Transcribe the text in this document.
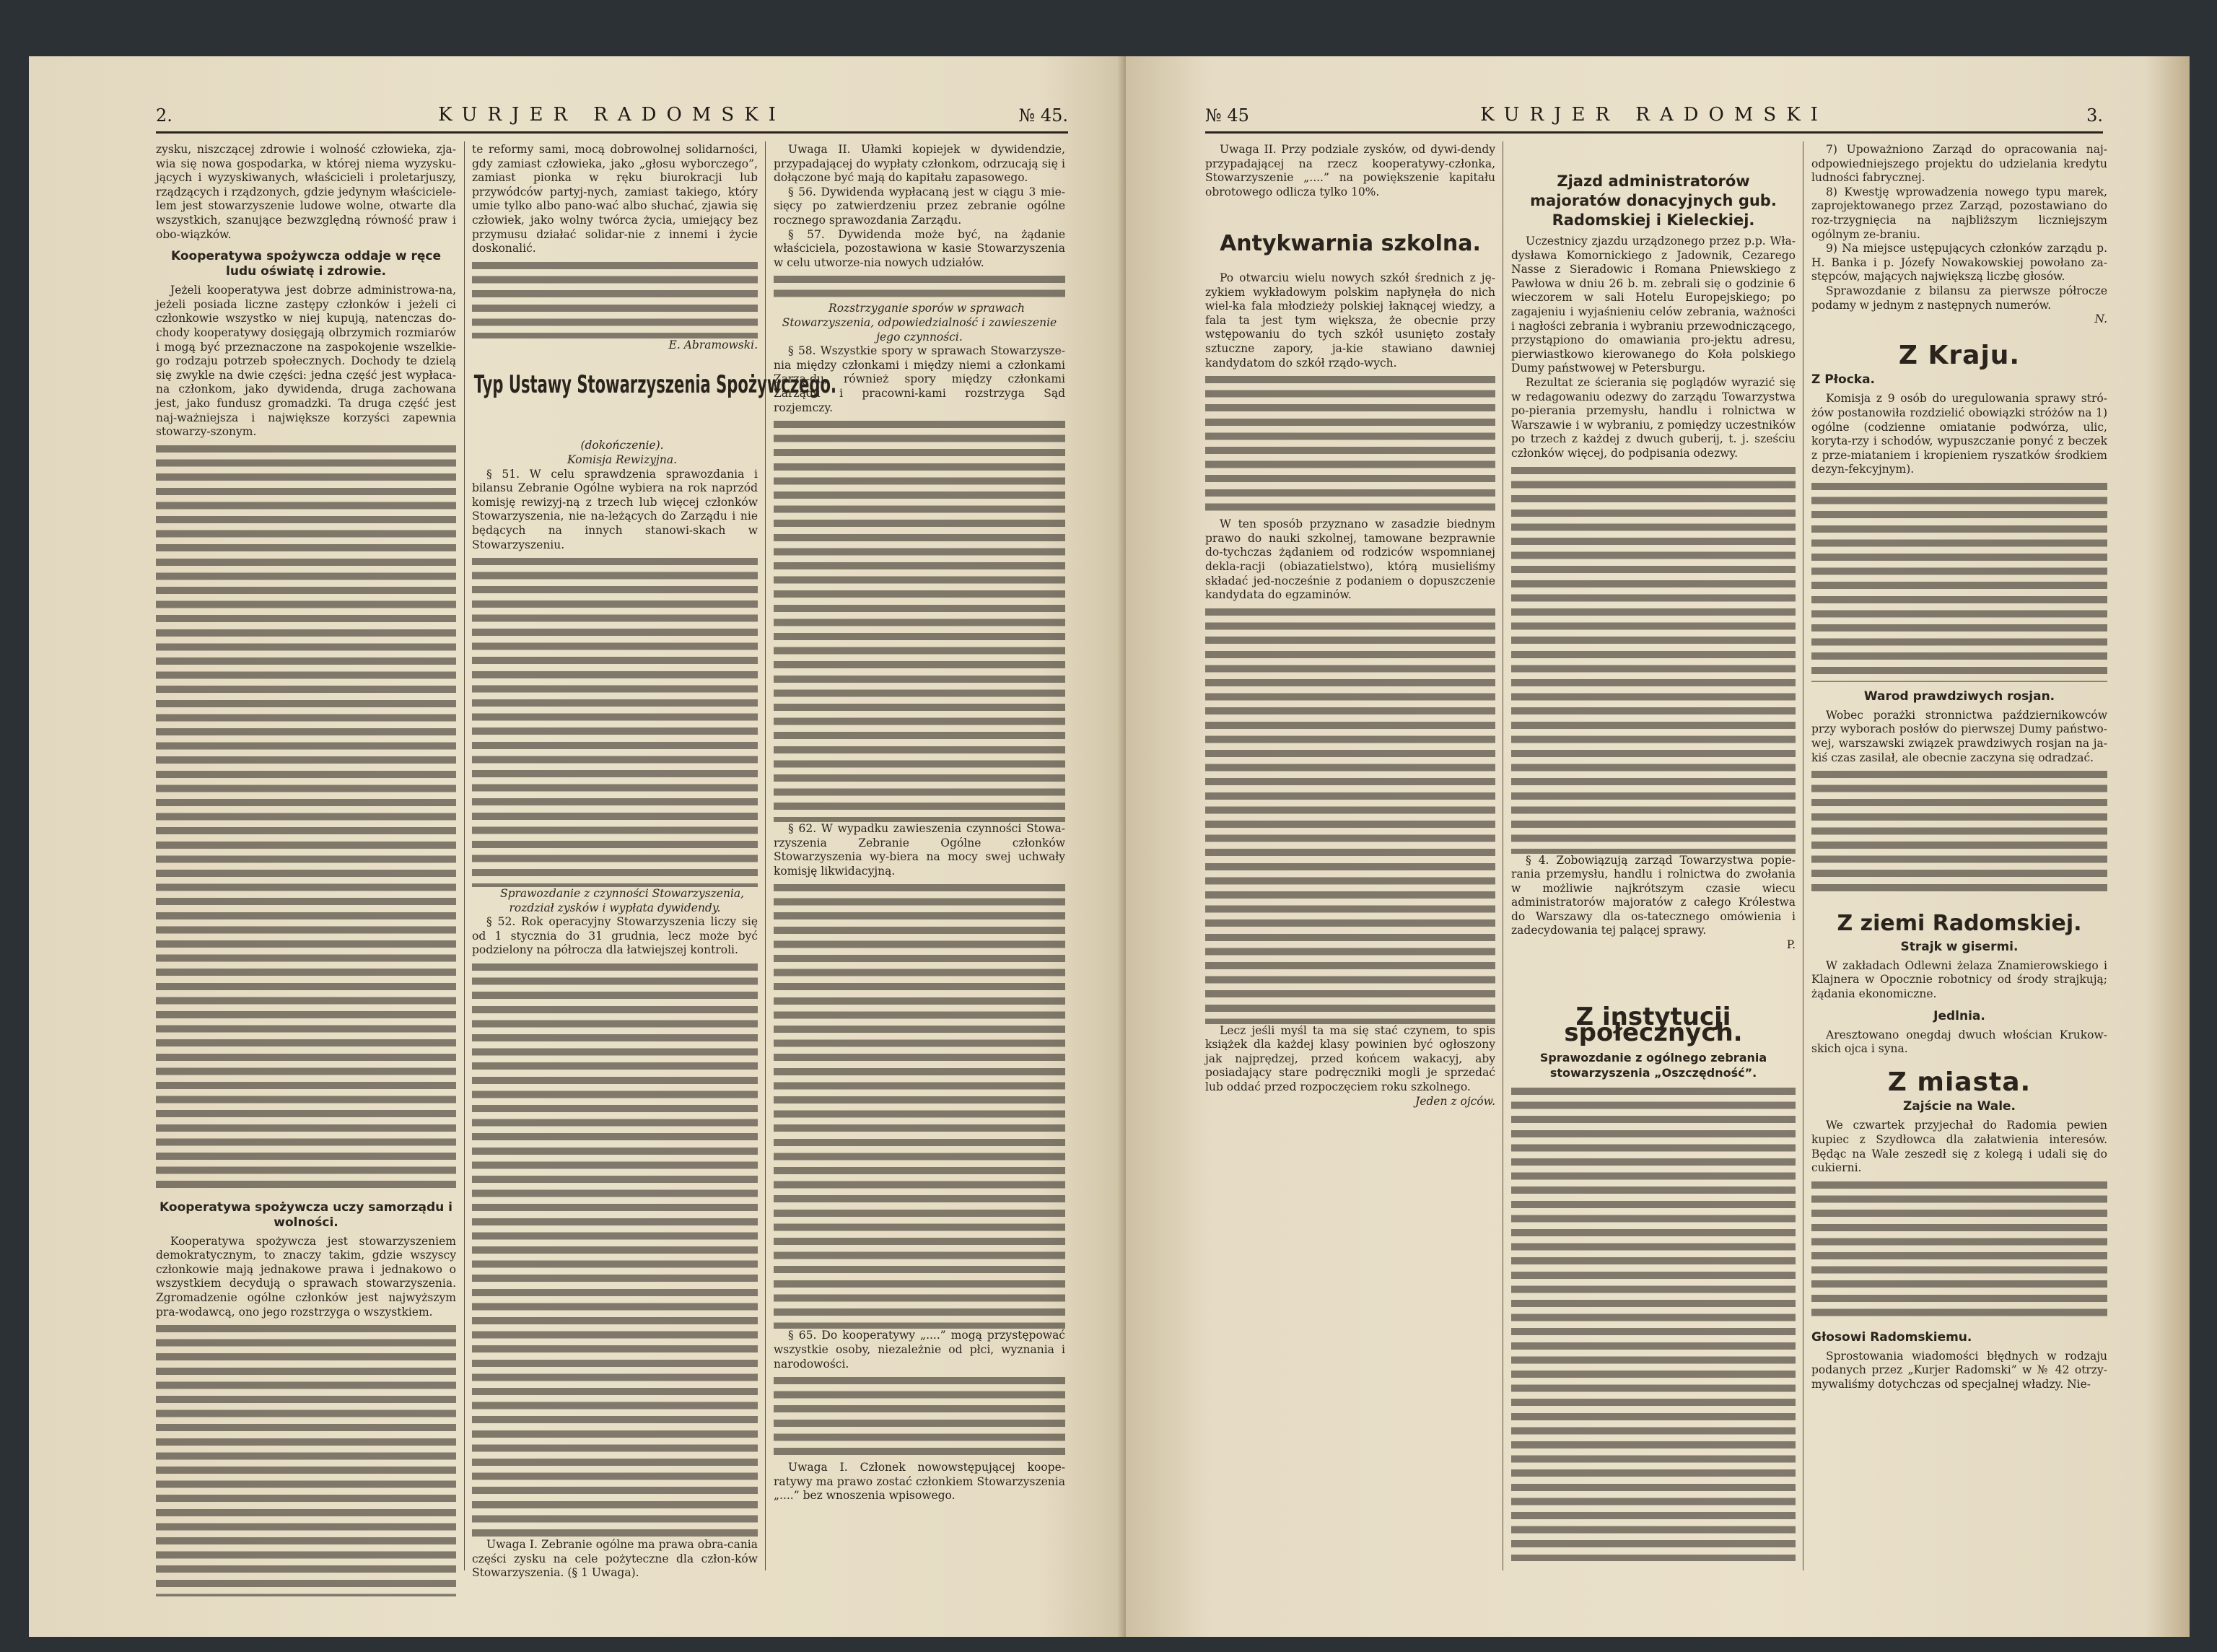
2.	KURJER RADOMSKI	№ 45.

zysku, niszczącej zdrowie i wolność człowieka, zja-wia się nowa gospodarka, w której niema wyzysku-jących i wyzyskiwanych, właścicieli i proletarjuszy, rządzących i rządzonych, gdzie jedynym właściciele-lem jest stowarzyszenie ludowe wolne, otwarte dla wszystkich, szanujące bezwzględną równość praw i obo-wiązków.

Kooperatywa spożywcza oddaje w ręce ludu oświatę i zdrowie.

Jeżeli kooperatywa jest dobrze administrowa-na, jeżeli posiada liczne zastępy członków i jeżeli ci członkowie wszystko w niej kupują, natenczas do-chody kooperatywy dosięgają olbrzymich rozmiarów i mogą być przeznaczone na zaspokojenie wszelkie-go rodzaju potrzeb społecznych. Dochody te dzielą się zwykle na dwie części: jedna część jest wypłaca-na członkom, jako dywidenda, druga zachowana jest, jako fundusz gromadzki. Ta druga część jest naj-ważniejsza i największe korzyści zapewnia stowarzy-szonym.

Kooperatywa spożywcza uczy samorządu i wolności.

Kooperatywa spożywcza jest stowarzyszeniem demokratycznym, to znaczy takim, gdzie wszyscy członkowie mają jednakowe prawa i jednakowo o wszystkiem decydują o sprawach stowarzyszenia. Zgromadzenie ogólne członków jest najwyższym pra-wodawcą, ono jego rozstrzyga o wszystkiem.

te reformy sami, mocą dobrowolnej solidarności, gdy zamiast człowieka, jako „głosu wyborczego”, zamiast pionka w ręku biurokracji lub przywódców partyj-nych, zamiast takiego, który umie tylko albo pano-wać albo słuchać, zjawia się człowiek, jako wolny twórca życia, umiejący bez przymusu działać solidar-nie z innemi i życie doskonalić.

E. Abramowski.

Typ Ustawy Stowarzyszenia Spożywczego.

(dokończenie).

Komisja Rewizyjna.

§ 51. W celu sprawdzenia sprawozdania i bilansu Zebranie Ogólne wybiera na rok naprzód komisję rewizyj-ną z trzech lub więcej członków Stowarzyszenia, nie na-leżących do Zarządu i nie będących na innych stanowi-skach w Stowarzyszeniu.

Sprawozdanie z czynności Stowarzyszenia, rozdział zysków i wypłata dywidendy.

§ 52. Rok operacyjny Stowarzyszenia liczy się od 1 stycznia do 31 grudnia, lecz może być podzielony na półrocza dla łatwiejszej kontroli.

Uwaga I. Zebranie ogólne ma prawa obra-cania części zysku na cele pożyteczne dla człon-ków Stowarzyszenia. (§ 1 Uwaga).

Uwaga II. Ułamki kopiejek w dywidendzie, przypadającej do wypłaty członkom, odrzucają się i dołączone być mają do kapitału zapasowego.

§ 56. Dywidenda wypłacaną jest w ciągu 3 mie-sięcy po zatwierdzeniu przez zebranie ogólne rocznego sprawozdania Zarządu.

§ 57. Dywidenda może być, na żądanie właściciela, pozostawiona w kasie Stowarzyszenia w celu utworze-nia nowych udziałów.

Rozstrzyganie sporów w sprawach Stowarzyszenia, odpowiedzialność i zawieszenie jego czynności.

§ 58. Wszystkie spory w sprawach Stowarzysze-nia między członkami i między niemi a członkami Zarzą-du, również spory między członkami Zarządu i pracowni-kami rozstrzyga Sąd rozjemczy.

§ 62. W wypadku zawieszenia czynności Stowa-rzyszenia Zebranie Ogólne członków Stowarzyszenia wy-biera na mocy swej uchwały komisję likwidacyjną.

§ 65. Do kooperatywy „....” mogą przystępować wszystkie osoby, niezależnie od płci, wyznania i narodowości.

Uwaga I. Członek nowowstępującej koope-ratywy ma prawo zostać członkiem Stowarzyszenia „....” bez wnoszenia wpisowego.

№ 45	KURJER RADOMSKI	3.

Uwaga II. Przy podziale zysków, od dywi-dendy przypadającej na rzecz kooperatywy-członka, Stowarzyszenie „....” na powiększenie kapitału obrotowego odlicza tylko 10%.

Antykwarnia szkolna.

Po otwarciu wielu nowych szkół średnich z ję-zykiem wykładowym polskim napłynęła do nich wiel-ka fala młodzieży polskiej łaknącej wiedzy, a fala ta jest tym większa, że obecnie przy wstępowaniu do tych szkół usunięto zostały sztuczne zapory, ja-kie stawiano dawniej kandydatom do szkół rządo-wych.

W ten sposób przyznano w zasadzie biednym prawo do nauki szkolnej, tamowane bezprawnie do-tychczas żądaniem od rodziców wspomnianej dekla-racji (obiazatielstwo), którą musieliśmy składać jed-nocześnie z podaniem o dopuszczenie kandydata do egzaminów.

Lecz jeśli myśl ta ma się stać czynem, to spis książek dla każdej klasy powinien być ogłoszony jak najprędzej, przed końcem wakacyj, aby posiadający stare podręczniki mogli je sprzedać lub oddać przed rozpoczęciem roku szkolnego.

Jeden z ojców.

Zjazd administratorów majoratów donacyjnych gub. Radomskiej i Kieleckiej.

Uczestnicy zjazdu urządzonego przez p.p. Wła-dysława Komornickiego z Jadownik, Cezarego Nasse z Sieradowic i Romana Pniewskiego z Pawłowa w dniu 26 b. m. zebrali się o godzinie 6 wieczorem w sali Hotelu Europejskiego; po zagajeniu i wyjaśnieniu celów zebrania, ważności i nagłości zebrania i wybraniu przewodniczącego, przystąpiono do omawiania pro-jektu adresu, pierwiastkowo kierowanego do Koła polskiego Dumy państwowej w Petersburgu.

Rezultat ze ścierania się poglądów wyrazić się w redagowaniu odezwy do zarządu Towarzystwa po-pierania przemysłu, handlu i rolnictwa w Warszawie i w wybraniu, z pomiędzy uczestników po trzech z każdej z dwuch guberij, t. j. sześciu członków więcej, do podpisania odezwy.

§ 4. Zobowiązują zarząd Towarzystwa popie-rania przemysłu, handlu i rolnictwa do zwołania w możliwie najkrótszym czasie wiecu administratorów majoratów z całego Królestwa do Warszawy dla os-tatecznego omówienia i zadecydowania tej palącej sprawy.

P.

Z instytucji społecznych.
Sprawozdanie z ogólnego zebrania stowarzyszenia „Oszczędność”.

7) Upoważniono Zarząd do opracowania naj-odpowiedniejszego projektu do udzielania kredytu ludności fabrycznej.

8) Kwestję wprowadzenia nowego typu marek, zaprojektowanego przez Zarząd, pozostawiano do roz-trzygnięcia na najbliższym liczniejszym ogólnym ze-braniu.

9) Na miejsce ustępujących członków zarządu p. H. Banka i p. Józefy Nowakowskiej powołano za-stępców, mających największą liczbę głosów.

Sprawozdanie z bilansu za pierwsze półrocze podamy w jednym z następnych numerów.

N.

Z Kraju.
Z Płocka.

Komisja z 9 osób do uregulowania sprawy stró-żów postanowiła rozdzielić obowiązki stróżów na 1) ogólne (codzienne omiatanie podwórza, ulic, koryta-rzy i schodów, wypuszczanie ponyć z beczek z prze-miataniem i kropieniem ryszatków środkiem dezyn-fekcyjnym).

Warod prawdziwych rosjan.

Wobec porażki stronnictwa październikowców przy wyborach posłów do pierwszej Dumy państwo-wej, warszawski związek prawdziwych rosjan na ja-kiś czas zasilał, ale obecnie zaczyna się odradzać.

Z ziemi Radomskiej.
Strajk w gisermi.

W zakładach Odlewni żelaza Znamierowskiego i Klajnera w Opocznie robotnicy od środy strajkują; żądania ekonomiczne.

Jedlnia.

Aresztowano onegdaj dwuch włościan Krukow-skich ojca i syna.

Z miasta.
Zajście na Wale.

We czwartek przyjechał do Radomia pewien kupiec z Szydłowca dla załatwienia interesów. Będąc na Wale zeszedł się z kolegą i udali się do cukierni.

Głosowi Radomskiemu.

Sprostowania wiadomości błędnych w rodzaju podanych przez „Kurjer Radomski” w № 42 otrzy-mywaliśmy dotychczas od specjalnej władzy. Nie-
